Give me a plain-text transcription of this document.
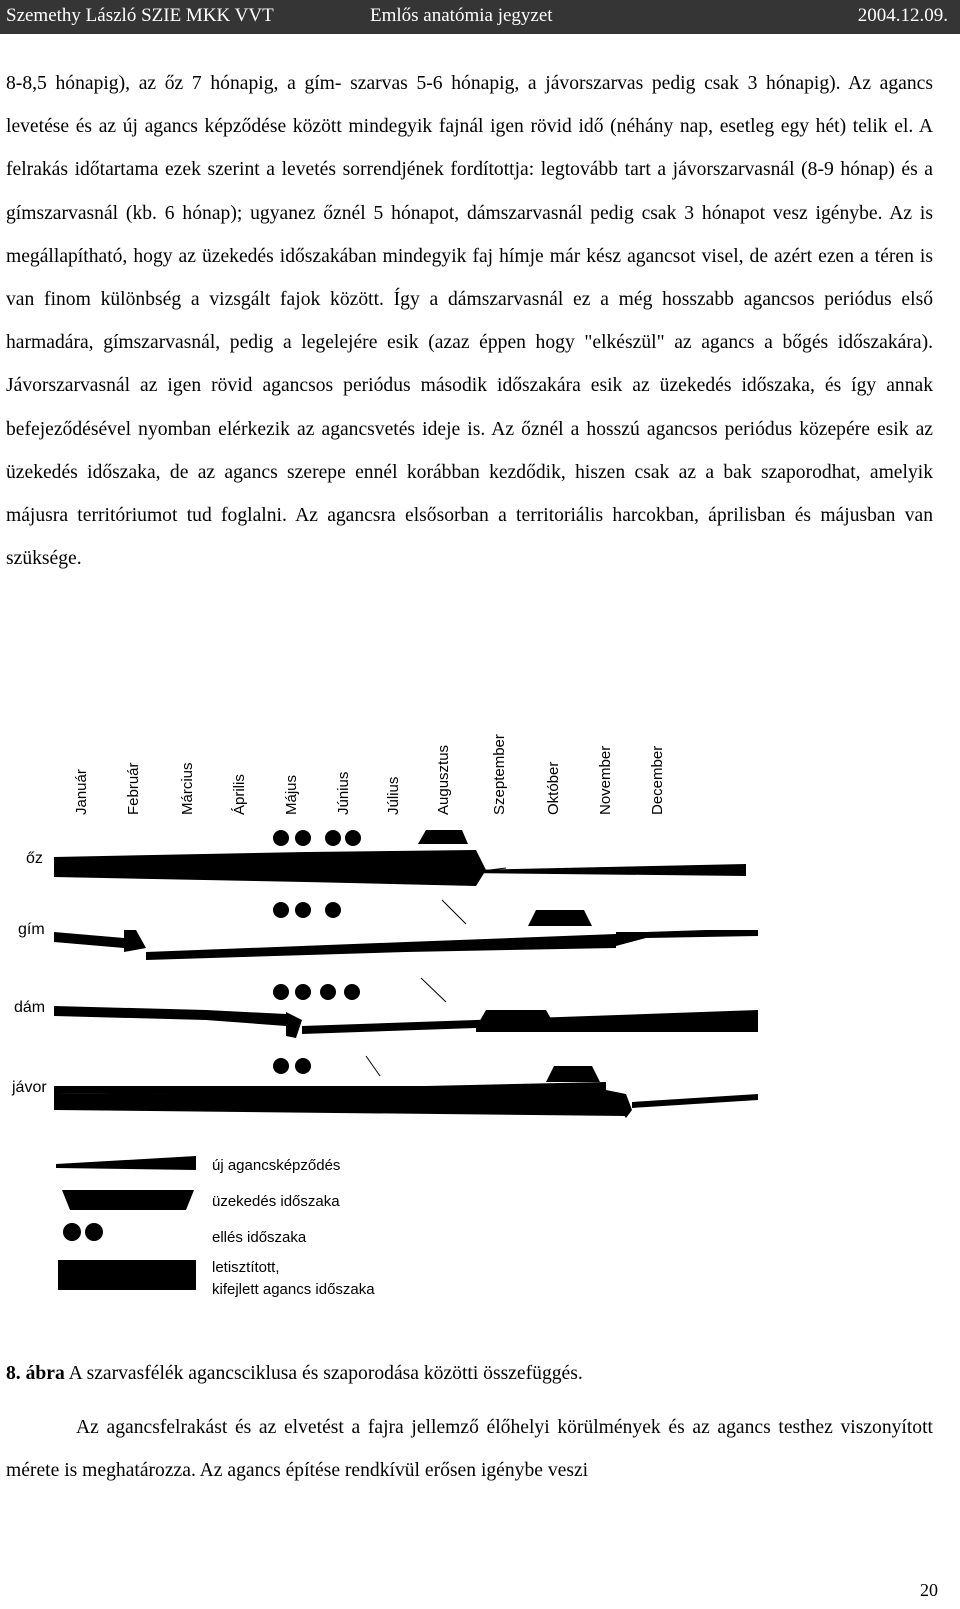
Szemethy László SZIE MKK VVT	Emlős anatómia jegyzet	2004.12.09.

8-8,5 hónapig), az őz 7 hónapig, a gím- szarvas 5-6 hónapig, a jávorszarvas pedig csak 3 hónapig). Az agancs levetése és az új agancs képződése között mindegyik fajnál igen rövid idő (néhány nap, esetleg egy hét) telik el. A felrakás időtartama ezek szerint a levetés sorrendjének fordítottja: legtovább tart a jávorszarvasnál (8-9 hónap) és a gímszarvasnál (kb. 6 hónap); ugyanez őznél 5 hónapot, dámszarvasnál pedig csak 3 hónapot vesz igénybe. Az is megállapítható, hogy az üzekedés időszakában mindegyik faj hímje már kész agancsot visel, de azért ezen a téren is van finom különbség a vizsgált fajok között. Így a dámszarvasnál ez a még hosszabb agancsos periódus első harmadára, gímszarvasnál, pedig a legelejére esik (azaz éppen hogy "elkészül" az agancs a bőgés időszakára). Jávorszarvasnál az igen rövid agancsos periódus második időszakára esik az üzekedés időszaka, és így annak befejeződésével nyomban elérkezik az agancsvetés ideje is. Az őznél a hosszú agancsos periódus közepére esik az üzekedés időszaka, de az agancs szerepe ennél korábban kezdődik, hiszen csak az a bak szaporodhat, amelyik májusra territóriumot tud foglalni. Az agancsra elsősorban a territoriális harcokban, áprilisban és májusban van szüksége.

Január Február Március Április Május Június Július Augusztus	Szeptember Október November December
őz
gím
dám
jávor
új agancsképződés
üzekedés időszaka
ellés időszaka
letisztított,
kifejlett agancs időszaka
8. ábra A szarvasfélék agancsciklusa és szaporodása közötti összefüggés.

Az agancsfelrakást és az elvetést a fajra jellemző élőhelyi körülmények és az agancs testhez viszonyított mérete is meghatározza. Az agancs építése rendkívül erősen igénybe veszi

20
